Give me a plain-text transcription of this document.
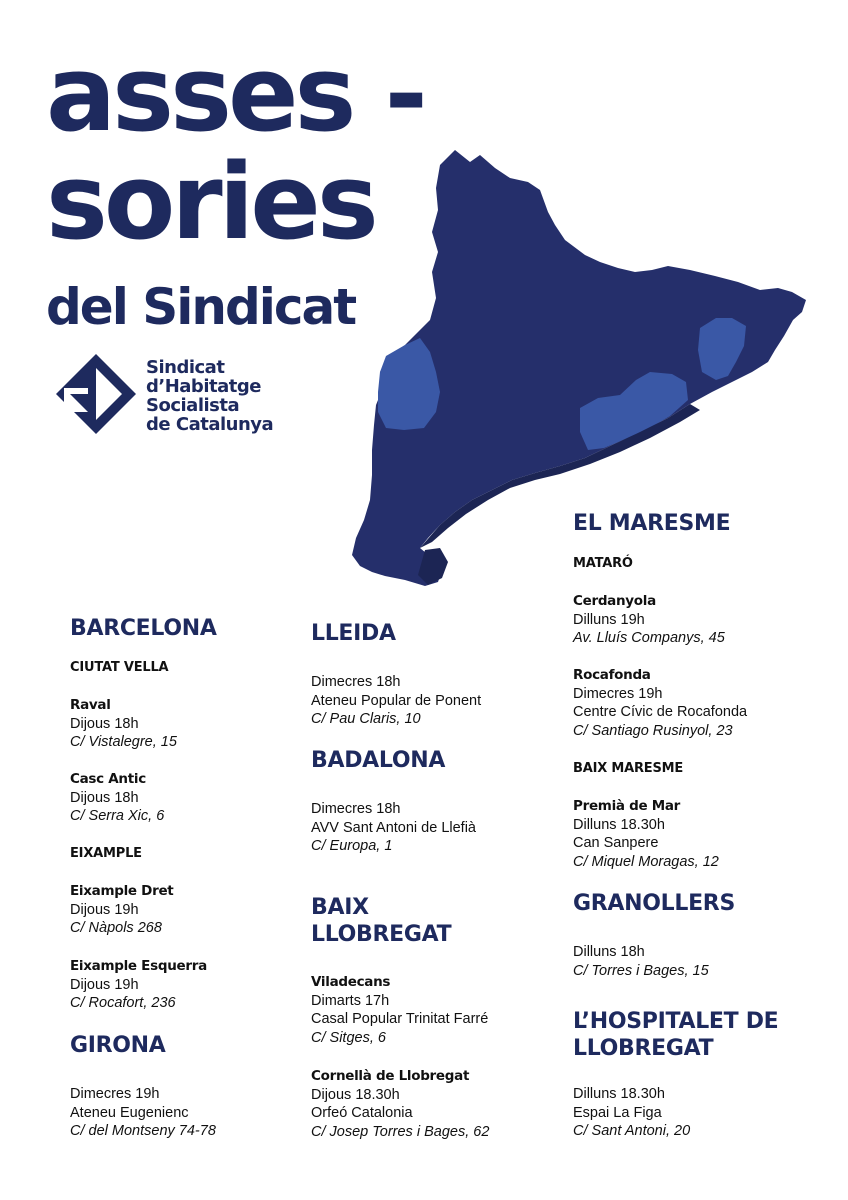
asses -
sories
del Sindicat
Sindicat
d’Habitatge
Socialista
de Catalunya
BARCELONA
CIUTAT VELLA
Raval
Dijous 18h
C/ Vistalegre, 15
Casc Antic
Dijous 18h
C/ Serra Xic, 6
EIXAMPLE
Eixample Dret
Dijous 19h
C/ Nàpols 268
Eixample Esquerra
Dijous 19h
C/ Rocafort, 236
GIRONA
Dimecres 19h
Ateneu Eugenienc
C/ del Montseny 74-78
LLEIDA
Dimecres 18h
Ateneu Popular de Ponent
C/ Pau Claris, 10
BADALONA
Dimecres 18h
AVV Sant Antoni de Llefià
C/ Europa, 1
BAIX
LLOBREGAT
Viladecans
Dimarts 17h
Casal Popular Trinitat Farré
C/ Sitges, 6
Cornellà de Llobregat
Dijous 18.30h
Orfeó Catalonia
C/ Josep Torres i Bages, 62
EL MARESME
MATARÓ
Cerdanyola
Dilluns 19h
Av. Lluís Companys, 45
Rocafonda
Dimecres 19h
Centre Cívic de Rocafonda
C/ Santiago Rusinyol, 23
BAIX MARESME
Premià de Mar
Dilluns 18.30h
Can Sanpere
C/ Miquel Moragas, 12
GRANOLLERS
Dilluns 18h
C/ Torres i Bages, 15
L’HOSPITALET DE
LLOBREGAT
Dilluns 18.30h
Espai La Figa
C/ Sant Antoni, 20
